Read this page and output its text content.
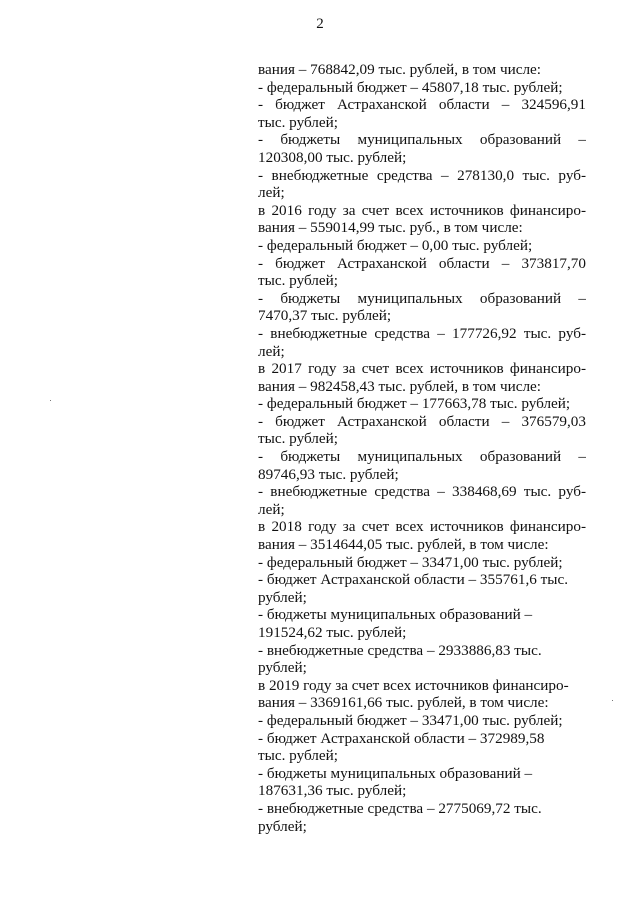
2
вания – 768842,09 тыс. рублей, в том числе:
- федеральный бюджет – 45807,18 тыс. рублей;
- бюджет Астраханской области – 324596,91
тыс. рублей;
- бюджеты муниципальных образований –
120308,00 тыс. рублей;
- внебюджетные средства – 278130,0 тыс. руб-
лей;
в 2016 году за счет всех источников финансиро-
вания – 559014,99 тыс. руб., в том числе:
- федеральный бюджет – 0,00 тыс. рублей;
- бюджет Астраханской области – 373817,70
тыс. рублей;
- бюджеты муниципальных образований –
7470,37 тыс. рублей;
- внебюджетные средства – 177726,92 тыс. руб-
лей;
в 2017 году за счет всех источников финансиро-
вания – 982458,43 тыс. рублей, в том числе:
- федеральный бюджет – 177663,78 тыс. рублей;
- бюджет Астраханской области – 376579,03
тыс. рублей;
- бюджеты муниципальных образований –
89746,93 тыс. рублей;
- внебюджетные средства – 338468,69 тыс. руб-
лей;
в 2018 году за счет всех источников финансиро-
вания – 3514644,05 тыс. рублей, в том числе:
- федеральный бюджет – 33471,00 тыс. рублей;
- бюджет Астраханской области – 355761,6 тыс.
рублей;
- бюджеты муниципальных образований –
191524,62 тыс. рублей;
- внебюджетные средства – 2933886,83 тыс.
рублей;
в 2019 году за счет всех источников финансиро-
вания – 3369161,66 тыс. рублей, в том числе:
- федеральный бюджет – 33471,00 тыс. рублей;
- бюджет Астраханской области – 372989,58
тыс. рублей;
- бюджеты муниципальных образований –
187631,36 тыс. рублей;
- внебюджетные средства – 2775069,72 тыс.
рублей;
